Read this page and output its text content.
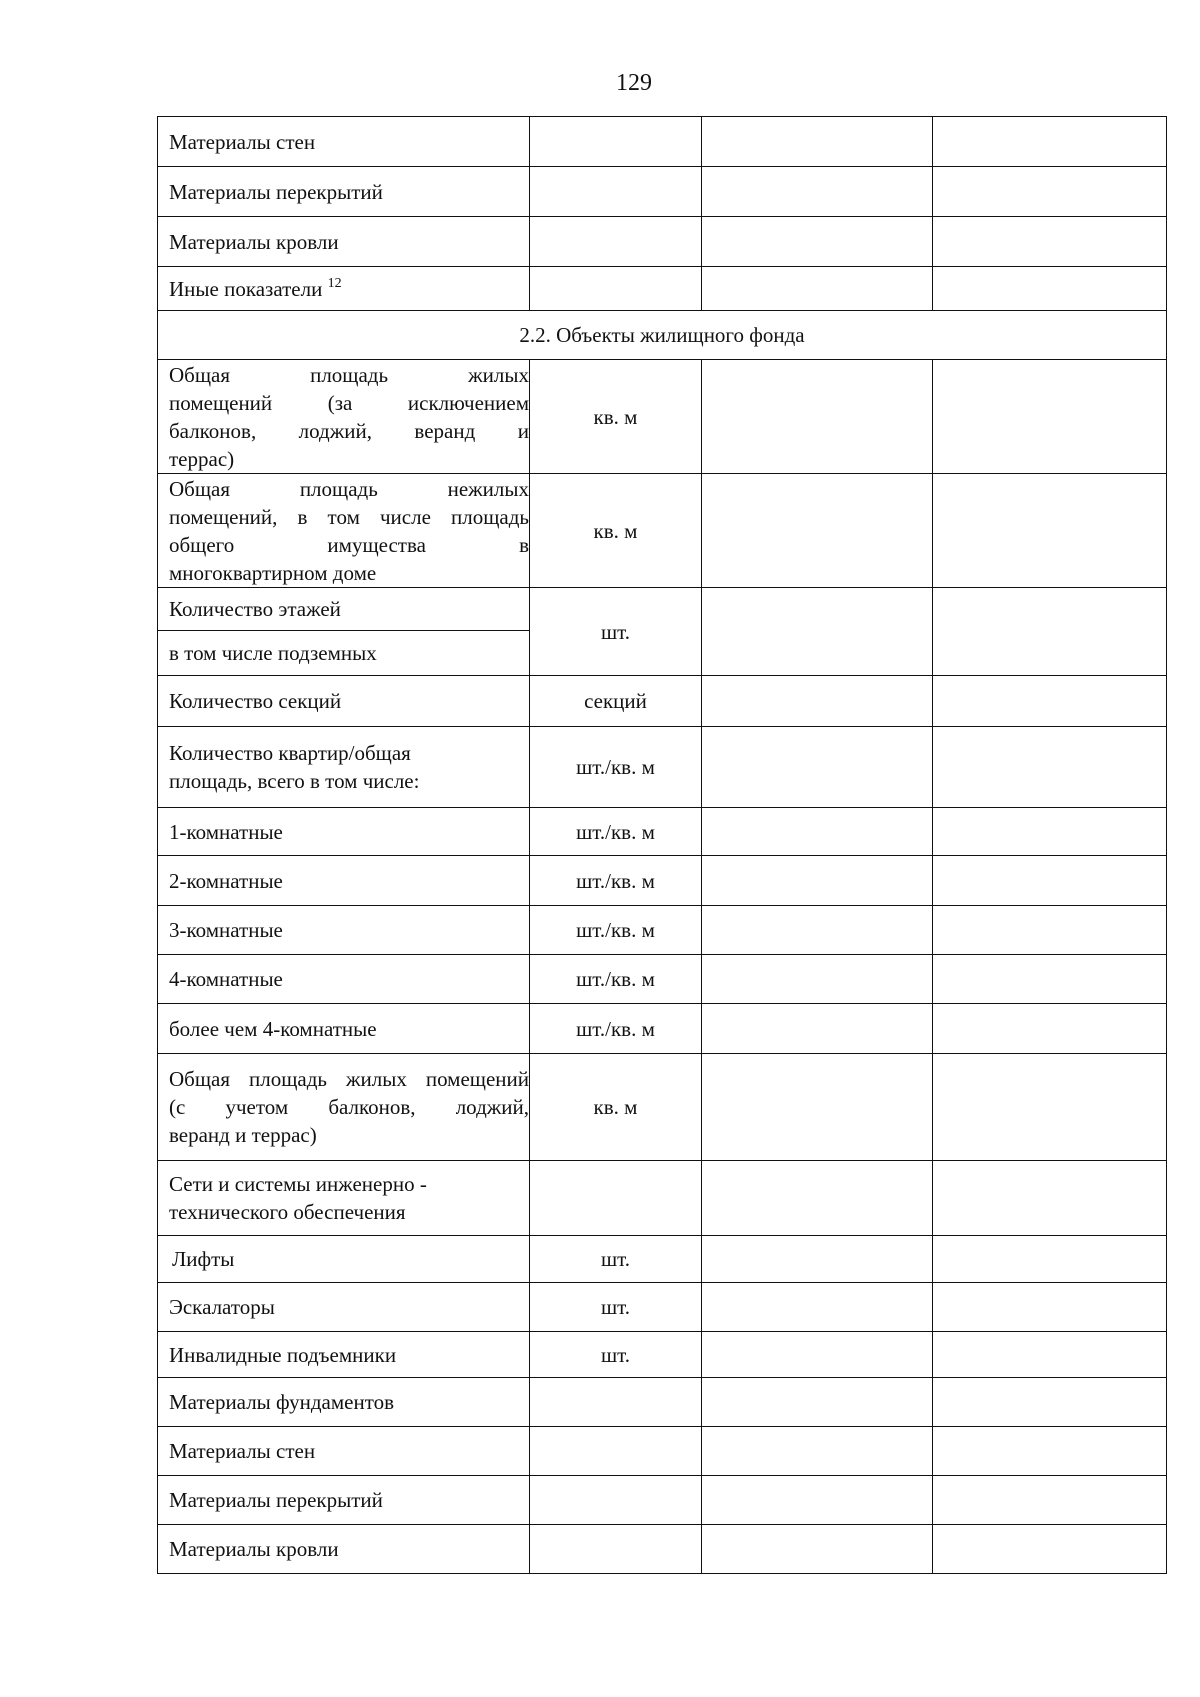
129
Материалы стен			
Материалы перекрытий			
Материалы кровли			
Иные показатели $^{12}$			
2.2. Объекты жилищного фонда			

Общая площадь жилых
помещений (за исключением
балконов, лоджий, веранд и
террас)	кв. м		

Общая площадь нежилых
помещений, в том числе площадь
общего имущества в
многоквартирном доме	кв. м		
Количество этажей	шт.		
в том числе подземных			
Количество секций	секций		

Количество квартир/общая
площадь, всего в том числе:	шт./кв. м		
1-комнатные	шт./кв. м		
2-комнатные	шт./кв. м		
3-комнатные	шт./кв. м		
4-комнатные	шт./кв. м		
более чем 4-комнатные	шт./кв. м		

Общая площадь жилых помещений
(с учетом балконов, лоджий,
веранд и террас)	кв. м		

Сети и системы инженерно -
технического обеспечения			

Лифты	шт.		
Эскалаторы	шт.		
Инвалидные подъемники	шт.		
Материалы фундаментов			
Материалы стен			
Материалы перекрытий			
Материалы кровли			
